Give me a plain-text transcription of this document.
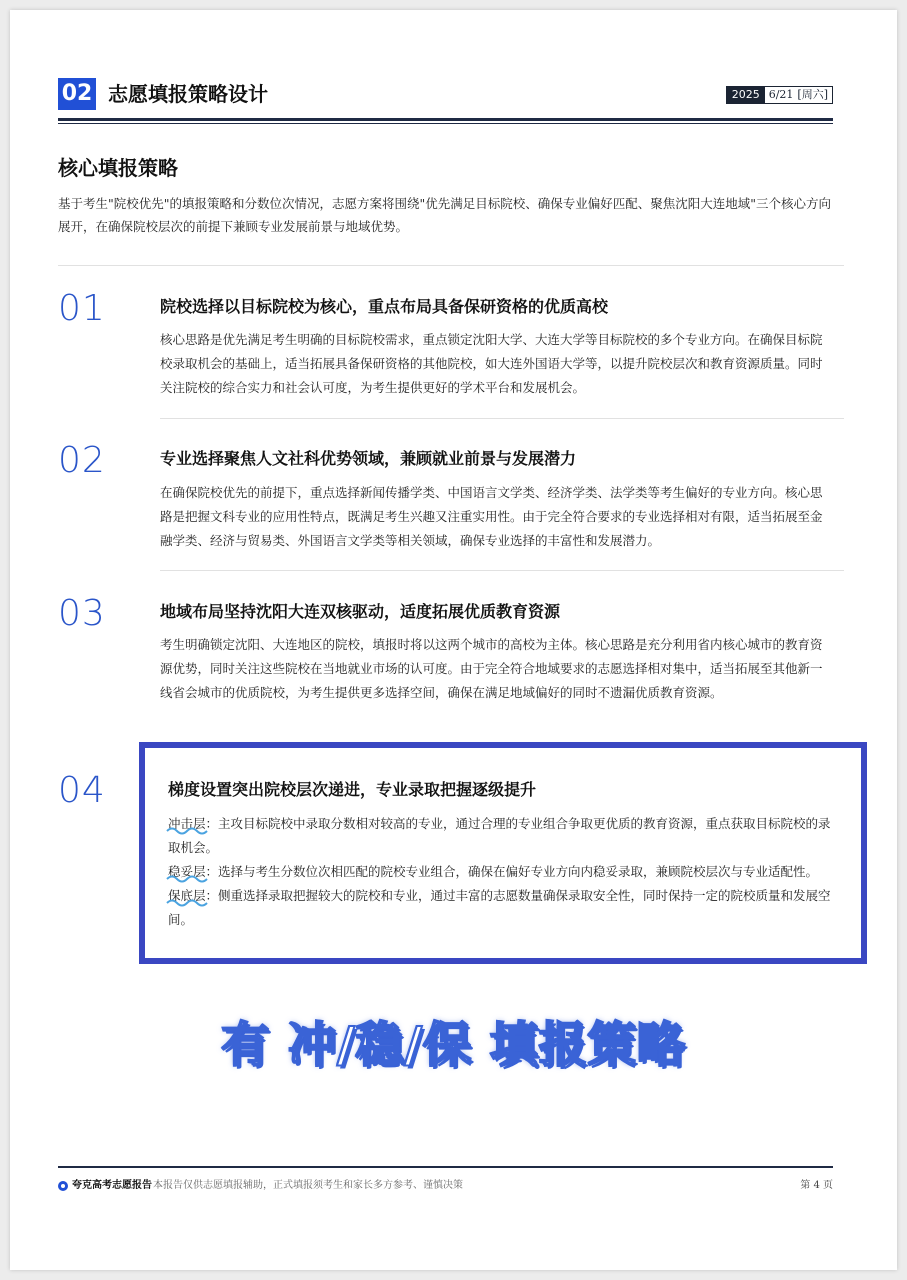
02 志愿填报策略设计	2025 6/21 [周六]
核心填报策略
基于考生"院校优先"的填报策略和分数位次情况，志愿方案将围绕"优先满足目标院校、确保专业偏好匹配、聚焦沈阳大连地域"三个核心方向展开，在确保院校层次的前提下兼顾专业发展前景与地域优势。
01	院校选择以目标院校为核心，重点布局具备保研资格的优质高校
核心思路是优先满足考生明确的目标院校需求，重点锁定沈阳大学、大连大学等目标院校的多个专业方向。在确保目标院校录取机会的基础上，适当拓展具备保研资格的其他院校，如大连外国语大学等，以提升院校层次和教育资源质量。同时关注院校的综合实力和社会认可度，为考生提供更好的学术平台和发展机会。
02	专业选择聚焦人文社科优势领域，兼顾就业前景与发展潜力
在确保院校优先的前提下，重点选择新闻传播学类、中国语言文学类、经济学类、法学类等考生偏好的专业方向。核心思路是把握文科专业的应用性特点，既满足考生兴趣又注重实用性。由于完全符合要求的专业选择相对有限，适当拓展至金融学类、经济与贸易类、外国语言文学类等相关领域，确保专业选择的丰富性和发展潜力。
03	地域布局坚持沈阳大连双核驱动，适度拓展优质教育资源
考生明确锁定沈阳、大连地区的院校，填报时将以这两个城市的高校为主体。核心思路是充分利用省内核心城市的教育资源优势，同时关注这些院校在当地就业市场的认可度。由于完全符合地域要求的志愿选择相对集中，适当拓展至其他新一线省会城市的优质院校，为考生提供更多选择空间，确保在满足地域偏好的同时不遗漏优质教育资源。
04	梯度设置突出院校层次递进，专业录取把握逐级提升

冲击层
：主攻目标院校中录取分数相对较高的专业，通过合理的专业组合争取更优质的教育资源，重点获取目标院校的录取机会。

稳妥层
：选择与考生分数位次相匹配的院校专业组合，确保在偏好专业方向内稳妥录取，兼顾院校层次与专业适配性。

保底层
：侧重选择录取把握较大的院校和专业，通过丰富的志愿数量确保录取安全性，同时保持一定的院校质量和发展空间。

有 冲/稳/保 填报策略
夸克高考志愿报告 本报告仅供志愿填报辅助，正式填报须考生和家长多方参考、谨慎决策	第 4 页
